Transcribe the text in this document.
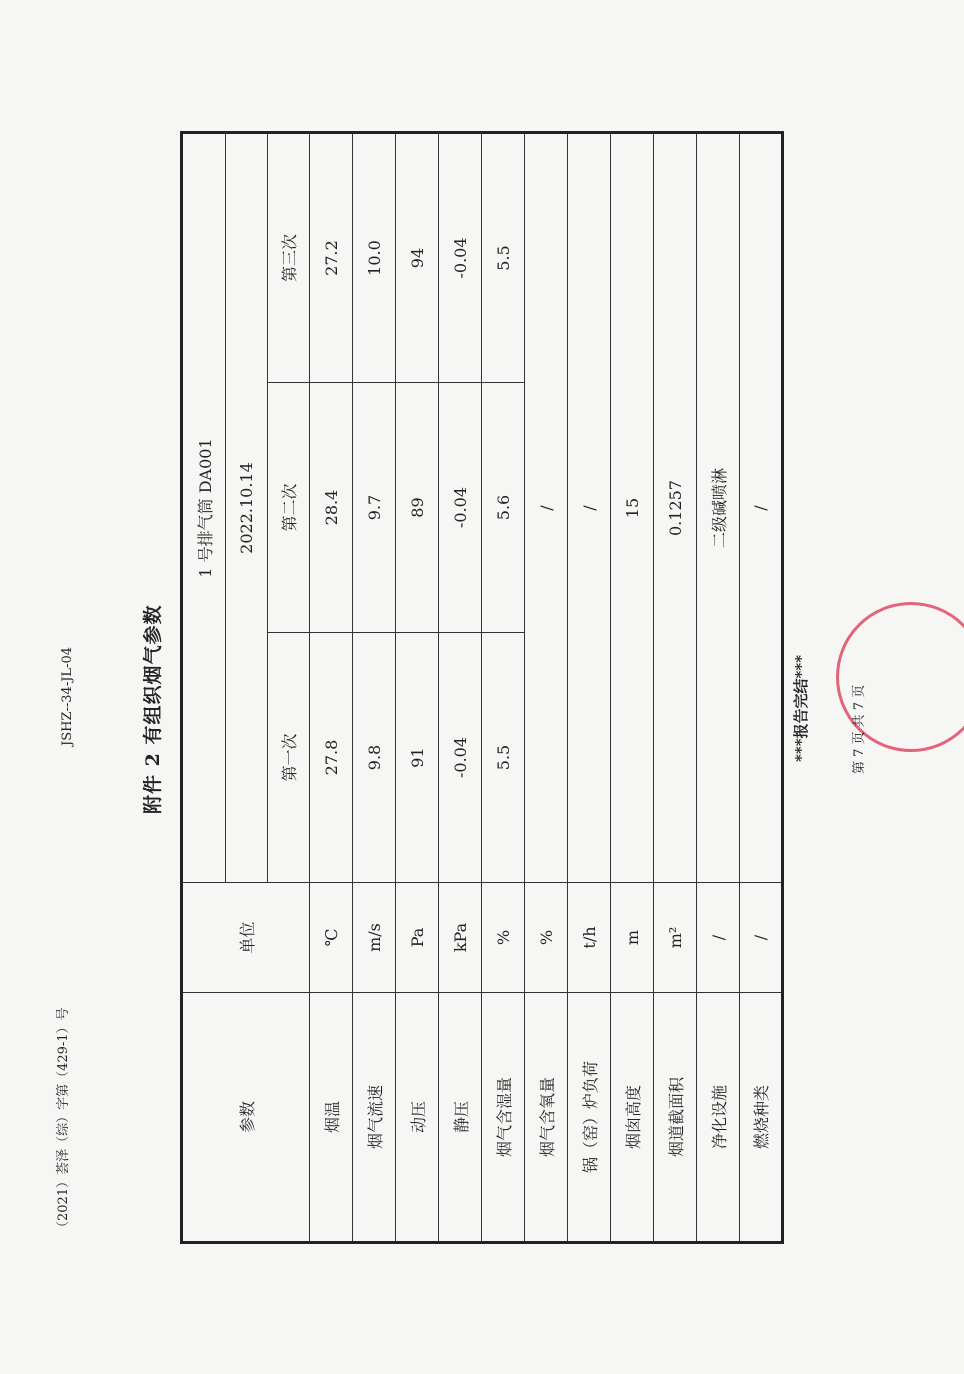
（2021）荟泽（综）字第（429-1）号
JSHZ--34-JL-04	附件 2 有组织烟气参数
参数	单位	1 号排气筒 DA001		
		2022.10.14		
		第一次	第二次	第三次
烟温	℃	27.8	28.4	27.2
烟气流速	m/s	9.8	9.7	10.0
动压	Pa	91	89	94
静压	kPa	-0.04	-0.04	-0.04
烟气含湿量	%	5.5	5.6	5.5
烟气含氧量	%	/		
锅（窑）炉负荷	t/h	/		
烟囱高度	m	15		
烟道截面积	m²	0.1257		
净化设施	/	二级碱喷淋		
燃烧种类	/	/		
***报告完结***	第 7 页 共 7 页
